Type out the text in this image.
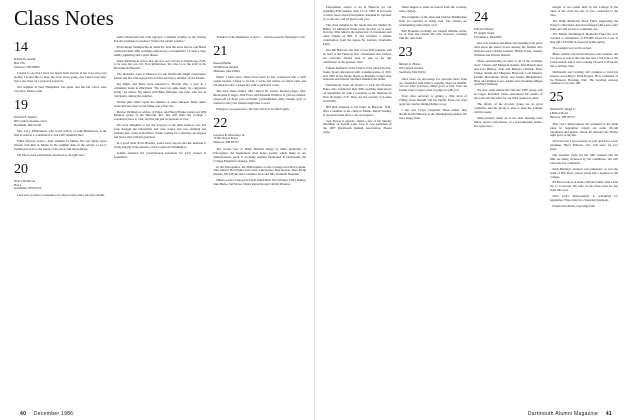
Class Notes
14
Robert H. Austin
Box 276
Peterson, NH 03850

I regret to say that I have not heard from anyone in the class since last spring; I would like to keep the class notes going, but I need your help. Just a few lines on a postcard would do.

Our summer in New Hampshire was quiet, and the fall colors were very fine. Please write.

19
Edward E. Martin
805 Central Avenue, G211
Needham, MA 02192

Mrs. Lucy Edmundson, who is the widow of John Henderson, is the first to send in a contribution to the 1987 Alumni Fund.

Elmer Roberts spent a busy summer in Maine. He says many more friends visit him in Maine in the summer than in the winter, so he is looking forward to the return of the snow and the holidays.

Sid Moore had a mild heart attack but is all right now.

20
Nancy Holbrook
Box 1
Grantham, NH 03753

I am sorry to have to announce two more losses since the last column.

Allan Weymouth and wife enjoyed a summer holiday in the Twenty that she promises to produce "before the winter solstice."

From Albert Steinbrecher in Santa Fe: here the news that he and Helen celebrated their 60th wedding anniversary on September 14 with a large family gathering and a quiet dinner.

Doris Richardson writes that she has now moved to Pemetown, N.H., to be near her son. Dr. Fred Richardson '46, who is on the staff of the Monadnock Hospital.

The Sheldons were at Hanover for the Dartmouth Night ceremonies. Sutton and his wife enjoyed the bonfire and met a number of old friends.

Sig Rigler and Betty have returned to Florida after a year in a retirement home in Maryland. "We were not quite ready for congregate living," he writes. Sig talked with Bing Whitaker and Jane, who live in Cincinnati, during the summer.

Warren plus sisters spent the summer at Lake Sunapee. Betty Amos wrote that her letter to her father was a fine one.

Marion Wellington, widow of Edgar, and Henry Hanks joined our 20th Reunion group at the Hanover Inn. She still finds the College a wonderful place to visit, and the Inn just as pleasant as ever.

We were delighted to see the Sawyers at the mini-reunion. Gus had gone through the wheelchair and cane stages and was standing and walking like a man in his fifties. While coming for a checkup, he stopped and had a visit with his grandson.

In a good letter from Phoenix, Laura Dow reports that her husband is living happily in the shadow of the Capitol in Washington.

Adams attended the pre-Princeton luncheon for early classes in September.

Thanks for the abundance of news — and the season's blessings to all!

21
Russell Butler
33 Hillcrest Avenue
Methuen, MA 01844

Hello! I need news. There have been so few volunteers that a draft seems needed. Trying to be fair, I wrote last names on small cards and put them in a hat. I asked my wife to pick five cards.

She drew these names: Mrs. Alfred M. Green, Roland Jaeger, Mrs. Rhodolphe P. Alger, John Frost, and Kenneth Waldron. If you are drafted, please tell us about your activities, grandchildren, daily routine, golf, or whatever else your friends might like to read.

Eating in our experience. The hat will now be filled again.

22
Leonard R. Morrissey Sr.
11 Brockway Road
Hanover, NH 03755

The recent loss of Brian Brisden brings to mind memories of Palooyphas, the Sophomore class honor society which many of our undergraduate years. It probably seemed mentioned in Dartmouth, the College Elegant in January, 1922.

In the Paloopathos, the Philosophers on the College were Bob Lappin, Jake Gubser, Bob Baker, Ed Cotter, Jake Kelley, Ben Keaton, Russ Frank Dionne, Dick Hyde, Russ Galusha, Don and Mrs. Kenneth Sherman.

Others wrote of his good friend Ralph Bell, Don Thorpe, Clary Dunne, Jake Burke, Sid Stone, Chuck Reynolds and Charlie Thomas.

40 December 1986

Paleopithus, expect to be in Hanover for our sparkling 65th reunion, June 12-14, 1987. If you want to know more about Paleopithus, Kenneth D. Spooner Jr. or his son, will be glad to tell you.

The class delights in the report that the Wilbur W. Butler '12 Memorial Fund totals $12,291 as of early October. This reflects the generosity of classmates and other friends of Bill. It also includes a sizable contribution from the Agnes M. Lindsay Charitable Fund.

Our 8th Hanover, the first of our 65th reunion, will be held at the Hanover Inn. Classmates and widows are welcome. Please plan to join us for this celebration of the greatest class.

Fifteen members of the Twelve class joined the Pre-Game Sports Reception with contemporaries of 1921 and 1920 in the Drake Room at Hopkins Center. Ray Acheson and Warren Spoffard attended the buffet.

Felicitations from all Twelve to Jack and Frances Dana, who celebrated their 60th wedding anniversary on September 20 with a reception at the Sheraton in New Rochelle, N.Y. They are the parents of Louise and Emily.

Bill Ball returned to his home in Hanover, N.H., after a summer at his camp in Maine. Ralph Steenby is reported home after a stay in hospital.

Jack Dowd, it appears, sailed a few of his Sunday mornings on Squam Lake. Jack is now president of the 1987 Dartmouth Alumni Association. Please write.

Julius Rippel is quite recovered from the coronary artery surgery.

The recipients of the Opal and Charles Zimmerman Fund are reported as doing well. The camera are accumulating with others of us.

Bud Freeman, probably our longest lifetime writer, has at long last retired. He will, however, continue with his class fund.

23
Herbert G. Horne
603 Central Avenue
Needham, MA 02192

Once more we encourage for personal news from our classmates with little or nothing. Don't be bashful. Give us what you have, either good or bad. Your old friends want to know what is going on with you.

Your class secretary is getting a little tired of writing about himself and his family. Even our class agent has trouble finding things to say.

I last saw Lloyd Carpenter, Dean Alden, Ray Martin and Ed Murray at the Thanksgiving dinner. We had a happy time.

24
Edward Wisner
67 Angell Street
Providence, RI 02906

Our own reunion and mini-class meeting took place with about the usual crowd. Among the faithful who attended were Charles Gardner, Hiram Tower, Stanley Wanlaus and Warren Durrell.

Those participating in some or all of the activities were: Chance and Margaret Adams, Don Barlett, Ray and Lisa Bishop, Stan and Barbara Chittick, Dave Clarke, Ralph and Margaret Hayward, Lois Heeney, Pauline Hawthorne, Harry and Jeanne Hildenbrand, Dick and Pauline Love, Austin and Josephine Magee and Betty Whitney.

We note with satisfaction that the 1987 group will be larger. President Chase announced the results of the polls and the plans for our 63rd reunion in June.

The affairs of the tri-state group are in good condition, and the group is able to help the College with its needs.

Other matters taken up at the dues meeting were minor reports and matters of a housekeeping nature. We approved a

merger of two funds held by the College in the name of the class but not, in fact, restricted to the class.

The Hank Memorial Book Fund, supporting the library's collections, has been merged with a few other items and will be put to continued use.

The Buddy Worthington Memorial Fund has now received a contribution of $35,000 toward its total. A final gift of $5,000 is expected in the spring.

The reunion was well received.

Bento Adams was much missed at the reunion, but it is good to report that she has had a fall tour of the Greek islands and is now looking forward to Hanover and to holiday trips.

Dartmouth and bowling still continue to hold his interest, according to Mark Rogers. He is a member of the Hanover Bowling Club. His bowling average continues to be near 100.

25
William B. Sleigh Jr.
6 Bolton Road
Hanover, NH 03755

This year's mini-reunion the weekend of the Penn game in September turned out some 30-odd classmates and guests. About 36 attended the Friday night party at the Inn.

We have had a good season of golf and have a new president, Harry Bullock, who will serve for two years.

Our tentative plans for the 1987 reunion and the 60th are being reviewed by the committee. We will welcome any comments.

Ruth Bentley's absence was lamented, as was the death of Bill Ross, whose estate left a bequest to the College.

Ed McGowan is at home with his family after a fine trip to Colorado. He tells of the three trips he has made this year.

Next year's mini-reunion is scheduled for September. There may be a Saturday luncheon.

Frank Van Orman, reporting from

Dartmouth Alumni Magazine 41
